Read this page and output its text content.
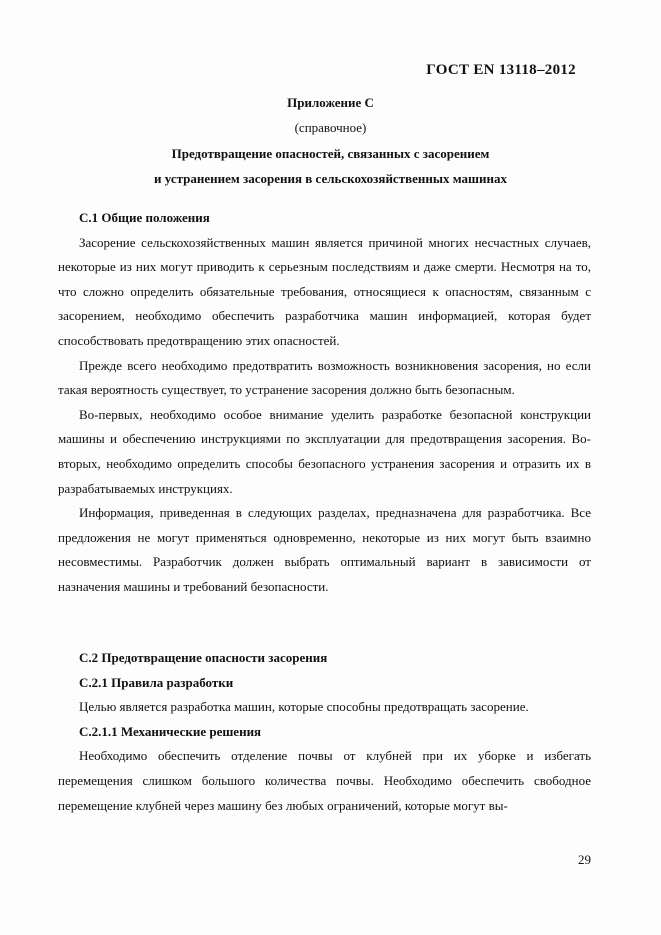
ГОСТ EN 13118–2012
Приложение С
(справочное)
Предотвращение опасностей, связанных с засорением
и устранением засорения в сельскохозяйственных машинах
С.1 Общие положения

Засорение сельскохозяйственных машин является причиной многих несчастных случаев, некоторые из них могут приводить к серьезным последствиям и даже смерти. Несмотря на то, что сложно определить обязательные требования, относящиеся к опасностям, связанным с засорением, необходимо обеспечить разработчика машин информацией, которая будет способствовать предотвращению этих опасностей.

Прежде всего необходимо предотвратить возможность возникновения засорения, но если такая вероятность существует, то устранение засорения должно быть безопасным.

Во-первых, необходимо особое внимание уделить разработке безопасной конструкции машины и обеспечению инструкциями по эксплуатации для предотвращения засорения. Во-вторых, необходимо определить способы безопасного устранения засорения и отразить их в разрабатываемых инструкциях.

Информация, приведенная в следующих разделах, предназначена для разработчика. Все предложения не могут применяться одновременно, некоторые из них могут быть взаимно несовместимы. Разработчик должен выбрать оптимальный вариант в зависимости от назначения машины и требований безопасности.

С.2 Предотвращение опасности засорения
С.2.1 Правила разработки

Целью является разработка машин, которые способны предотвращать засорение.

С.2.1.1 Механические решения

Необходимо обеспечить отделение почвы от клубней при их уборке и избегать перемещения слишком большого количества почвы. Необходимо обеспечить свободное перемещение клубней через машину без любых ограничений, которые могут вы-

29
